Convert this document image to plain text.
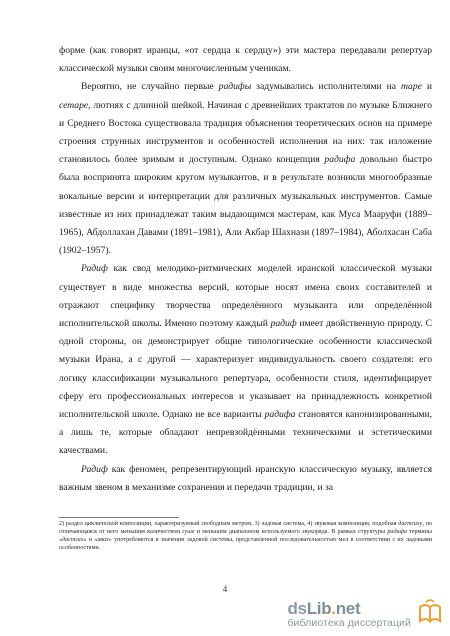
форме (как говорят иранцы, «от сердца к сердцу») эти мастера передавали репертуар классической музыки своим многочисленным ученикам.

Вероятно, не случайно первые радифы задумывались исполнителями на таре и сетаре, лютнях с длинной шейкой. Начиная с древнейших трактатов по музыке Ближнего и Среднего Востока существовала традиция объяснения теоретических основ на примере строения струнных инструментов и особенностей исполнения на них: так изложение становилось более зримым и доступным. Однако концепция радифа довольно быстро была воспринята широким кругом музыкантов, и в результате возникли многообразные вокальные версии и интерпретации для различных музыкальных инструментов. Самые известные из них принадлежат таким выдающимся мастерам, как Муса Мааруфи (1889–1965), Абдоллахан Давами (1891–1981), Али Акбар Шахнази (1897–1984), Аболхасан Саба (1902–1957).

Радиф как свод мелодико-ритмических моделей иранской классической музыки существует в виде множества версий, которые носят имена своих составителей и отражают специфику творчества определённого музыканта или определённой исполнительской школы. Именно поэтому каждый радиф имеет двойственную природу. С одной стороны, он демонстрирует общие типологические особенности классической музыки Ирана, а с другой — характеризует индивидуальность своего создателя: его логику классификации музыкального репертуара, особенности стиля, идентифицирует сферу его профессиональных интересов и указывает на принадлежность конкретной исполнительской школе. Однако не все варианты радифа становятся канонизированными, а лишь те, которые обладают непревзойдёнными техническими и эстетическими качествами.

Радиф как феномен, репрезентирующий иранскую классическую музыку, является важным звеном в механизме сохранения и передачи традиции, и за

2) раздел циклической композиции, характеризуемый свободным метром, 3) ладовая система, 4) звуковая композиция, подобная дастгаху, но отличающаяся от него меньшим количеством гуше и меньшим диапазоном используемого звукоряда. В рамках структуры радифа термины «дастгах» и «авах» употребляются в значении ладовой системы, представленной последовательностью мел в соответствии с их ладовыми особенностями.
4
dsLib.net
библиотека диссертаций
